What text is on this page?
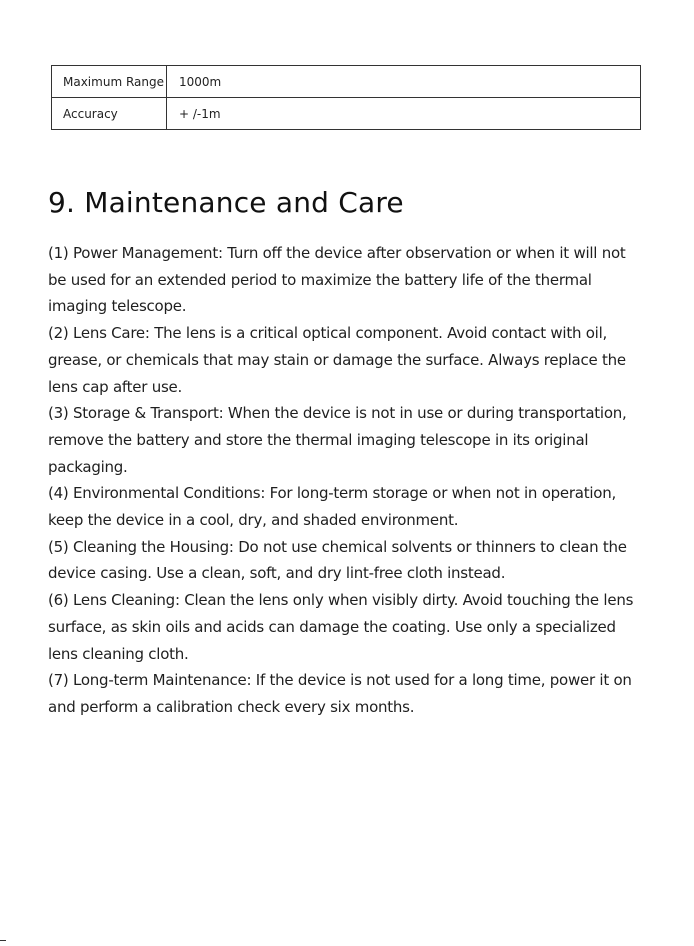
Maximum Range	1000m
Accuracy	+ /-1m
9. Maintenance and Care

(1) Power Management: Turn off the device after observation or when it will not be used for an extended period to maximize the battery life of the thermal imaging telescope.

(2) Lens Care: The lens is a critical optical component. Avoid contact with oil, grease, or chemicals that may stain or damage the surface. Always replace the lens cap after use.

(3) Storage & Transport: When the device is not in use or during transportation, remove the battery and store the thermal imaging telescope in its original packaging.

(4) Environmental Conditions: For long-term storage or when not in operation, keep the device in a cool, dry, and shaded environment.

(5) Cleaning the Housing: Do not use chemical solvents or thinners to clean the device casing. Use a clean, soft, and dry lint-free cloth instead.

(6) Lens Cleaning: Clean the lens only when visibly dirty. Avoid touching the lens surface, as skin oils and acids can damage the coating. Use only a specialized lens cleaning cloth.

(7) Long-term Maintenance: If the device is not used for a long time, power it on and perform a calibration check every six months.
